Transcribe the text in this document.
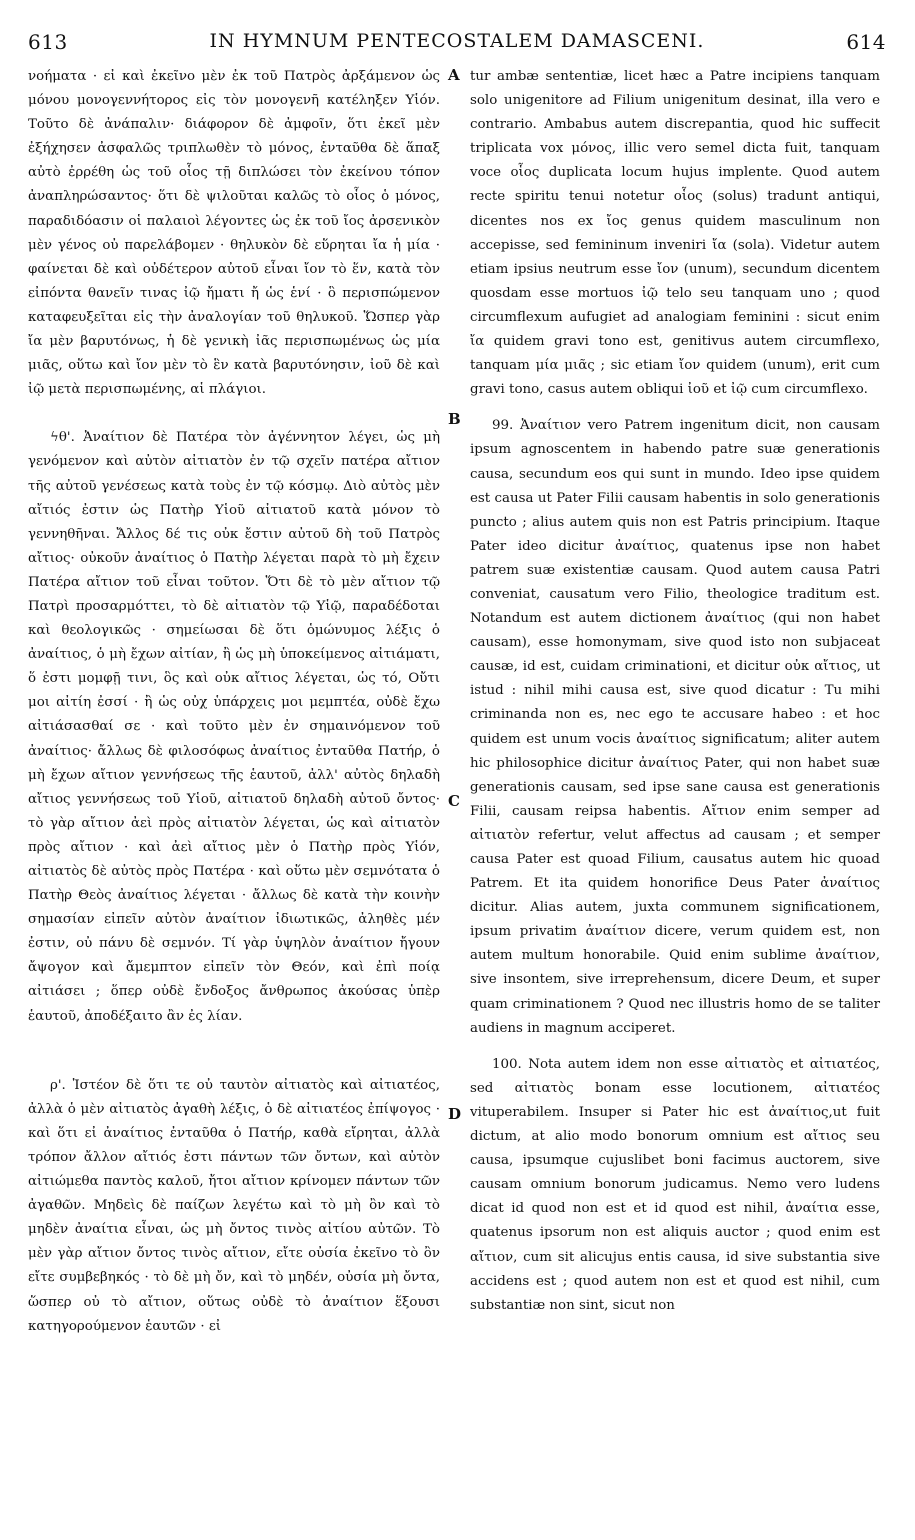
613	IN HYMNUM PENTECOSTALEM DAMASCENI.	614

νοήματα · εἰ καὶ ἐκεῖνο μὲν ἐκ τοῦ Πατρὸς ἀρξάμενον ὡς μόνου μονογεννήτορος εἰς τὸν μονογενῆ κατέληξεν Υἱόν. Τοῦτο δὲ ἀνάπαλιν· διάφορον δὲ ἀμφοῖν, ὅτι ἐκεῖ μὲν ἐξήχησεν ἀσφαλῶς τριπλωθὲν τὸ μόνος, ἐνταῦθα δὲ ἅπαξ αὐτὸ ἐρρέθη ὡς τοῦ οἷος τῇ διπλώσει τὸν ἐκείνου τόπον ἀναπληρώσαντος· ὅτι δὲ ψιλοῦται καλῶς τὸ οἷος ὁ μόνος, παραδιδόασιν οἱ παλαιοὶ λέγοντες ὡς ἐκ τοῦ ἴος ἀρσενικὸν μὲν γένος οὐ παρελάβομεν · θηλυκὸν δὲ εὕρηται ἴα ἡ μία · φαίνεται δὲ καὶ οὐδέτερον αὐτοῦ εἶναι ἴον τὸ ἕν, κατὰ τὸν εἰπόντα θανεῖν τινας ἰῷ ἤματι ἤ ὡς ἑνί · ὃ περισπώμενον καταφευξεῖται εἰς τὴν ἀναλογίαν τοῦ θηλυκοῦ. Ὥσπερ γὰρ ἴα μὲν βαρυτόνως, ἡ δὲ γενικὴ ἰᾶς περισπωμένως ὡς μία μιᾶς, οὕτω καὶ ἴον μὲν τὸ ἓν κατὰ βαρυτόνησιν, ἰοῦ δὲ καὶ ἰῷ μετὰ περισπωμένης, αἱ πλάγιοι.

ϟθ'. Ἀναίτιον δὲ Πατέρα τὸν ἀγέννητον λέγει, ὡς μὴ γενόμενον καὶ αὐτὸν αἰτιατὸν ἐν τῷ σχεῖν πατέρα αἴτιον τῆς αὐτοῦ γενέσεως κατὰ τοὺς ἐν τῷ κόσμῳ. Διὸ αὐτὸς μὲν αἴτιός ἐστιν ὡς Πατὴρ Υἱοῦ αἰτιατοῦ κατὰ μόνον τὸ γεννηθῆναι. Ἄλλος δέ τις οὐκ ἔστιν αὐτοῦ δὴ τοῦ Πατρὸς αἴτιος· οὐκοῦν ἀναίτιος ὁ Πατὴρ λέγεται παρὰ τὸ μὴ ἔχειν Πατέρα αἴτιον τοῦ εἶναι τοῦτον. Ὅτι δὲ τὸ μὲν αἴτιον τῷ Πατρὶ προσαρμόττει, τὸ δὲ αἰτιατὸν τῷ Υἱῷ, παραδέδοται καὶ θεολογικῶς · σημείωσαι δὲ ὅτι ὁμώνυμος λέξις ὁ ἀναίτιος, ὁ μὴ ἔχων αἰτίαν, ἢ ὡς μὴ ὑποκείμενος αἰτιάματι, ὅ ἐστι μομφῇ τινι, ὃς καὶ οὐκ αἴτιος λέγεται, ὡς τό, Οὔτι μοι αἰτίη ἐσσί · ἢ ὡς οὐχ ὑπάρχεις μοι μεμπτέα, οὐδὲ ἔχω αἰτιάσασθαί σε · καὶ τοῦτο μὲν ἐν σημαινόμενον τοῦ ἀναίτιος· ἄλλως δὲ φιλοσόφως ἀναίτιος ἐνταῦθα Πατήρ, ὁ μὴ ἔχων αἴτιον γεννήσεως τῆς ἑαυτοῦ, ἀλλ' αὐτὸς δηλαδὴ αἴτιος γεννήσεως τοῦ Υἱοῦ, αἰτιατοῦ δηλαδὴ αὐτοῦ ὄντος· τὸ γὰρ αἴτιον ἀεὶ πρὸς αἰτιατὸν λέγεται, ὡς καὶ αἰτιατὸν πρὸς αἴτιον · καὶ ἀεὶ αἴτιος μὲν ὁ Πατὴρ πρὸς Υἱόν, αἰτιατὸς δὲ αὐτὸς πρὸς Πατέρα · καὶ οὕτω μὲν σεμνότατα ὁ Πατὴρ Θεὸς ἀναίτιος λέγεται · ἄλλως δὲ κατὰ τὴν κοινὴν σημασίαν εἰπεῖν αὐτὸν ἀναίτιον ἰδιωτικῶς, ἀληθὲς μέν ἐστιν, οὐ πάνυ δὲ σεμνόν. Τί γὰρ ὑψηλὸν ἀναίτιον ἤγουν ἄψογον καὶ ἄμεμπτον εἰπεῖν τὸν Θεόν, καὶ ἐπὶ ποίᾳ αἰτιάσει ; ὅπερ οὐδὲ ἔνδοξος ἄνθρωπος ἀκούσας ὑπὲρ ἑαυτοῦ, ἀποδέξαιτο ἂν ἐς λίαν.

ρ'. Ἰστέον δὲ ὅτι τε οὐ ταυτὸν αἰτιατὸς καὶ αἰτιατέος, ἀλλὰ ὁ μὲν αἰτιατὸς ἀγαθὴ λέξις, ὁ δὲ αἰτιατέος ἐπίψογος · καὶ ὅτι εἰ ἀναίτιος ἐνταῦθα ὁ Πατήρ, καθὰ εἴρηται, ἀλλὰ τρόπον ἄλλον αἴτιός ἐστι πάντων τῶν ὄντων, καὶ αὐτὸν αἰτιώμεθα παντὸς καλοῦ, ἤτοι αἴτιον κρίνομεν πάντων τῶν ἀγαθῶν. Μηδεὶς δὲ παίζων λεγέτω καὶ τὸ μὴ ὂν καὶ τὸ μηδὲν ἀναίτια εἶναι, ὡς μὴ ὄντος τινὸς αἰτίου αὐτῶν. Τὸ μὲν γὰρ αἴτιον ὄντος τινὸς αἴτιον, εἴτε οὐσία ἐκεῖνο τὸ ὂν εἴτε συμβεβηκός · τὸ δὲ μὴ ὄν, καὶ τὸ μηδέν, οὐσία μὴ ὄντα, ὥσπερ οὐ τὸ αἴτιον, οὕτως οὐδὲ τὸ ἀναίτιον ἕξουσι κατηγορούμενον ἑαυτῶν · εἰ

tur ambæ sententiæ, licet hæc a Patre incipiens tanquam solo unigenitore ad Filium unigenitum desinat, illa vero e contrario. Ambabus autem discrepantia, quod hic suffecit triplicata vox μόνος, illic vero semel dicta fuit, tanquam voce οἷος duplicata locum hujus implente. Quod autem recte spiritu tenui notetur οἷος (solus) tradunt antiqui, dicentes nos ex ἴος genus quidem masculinum non accepisse, sed femininum inveniri ἴα (sola). Videtur autem etiam ipsius neutrum esse ἴον (unum), secundum dicentem quosdam esse mortuos ἰῷ telo seu tanquam uno ; quod circumflexum aufugiet ad analogiam feminini : sicut enim ἴα quidem gravi tono est, genitivus autem circumflexo, tanquam μία μιᾶς ; sic etiam ἴον quidem (unum), erit cum gravi tono, casus autem obliqui ἰοῦ et ἰῷ cum circumflexo.

99. Ἀναίτιον vero Patrem ingenitum dicit, non causam ipsum agnoscentem in habendo patre suæ generationis causa, secundum eos qui sunt in mundo. Ideo ipse quidem est causa ut Pater Filii causam habentis in solo generationis puncto ; alius autem quis non est Patris principium. Itaque Pater ideo dicitur ἀναίτιος, quatenus ipse non habet patrem suæ existentiæ causam. Quod autem causa Patri conveniat, causatum vero Filio, theologice traditum est. Notandum est autem dictionem ἀναίτιος (qui non habet causam), esse homonymam, sive quod isto non subjaceat causæ, id est, cuidam criminationi, et dicitur οὐκ αἴτιος, ut istud : nihil mihi causa est, sive quod dicatur : Tu mihi criminanda non es, nec ego te accusare habeo : et hoc quidem est unum vocis ἀναίτιος significatum; aliter autem hic philosophice dicitur ἀναίτιος Pater, qui non habet suæ generationis causam, sed ipse sane causa est generationis Filii, causam reipsa habentis. Αἴτιον enim semper ad αἰτιατὸν refertur, velut affectus ad causam ; et semper causa Pater est quoad Filium, causatus autem hic quoad Patrem. Et ita quidem honorifice Deus Pater ἀναίτιος dicitur. Alias autem, juxta communem significationem, ipsum privatim ἀναίτιον dicere, verum quidem est, non autem multum honorabile. Quid enim sublime ἀναίτιον, sive insontem, sive irreprehensum, dicere Deum, et super quam criminationem ? Quod nec illustris homo de se taliter audiens in magnum acciperet.

100. Nota autem idem non esse αἰτιατὸς et αἰτιατέος, sed αἰτιατὸς bonam esse locutionem, αἰτιατέος vituperabilem. Insuper si Pater hic est ἀναίτιος,ut fuit dictum, at alio modo bonorum omnium est αἴτιος seu causa, ipsumque cujuslibet boni facimus auctorem, sive causam omnium bonorum judicamus. Nemo vero ludens dicat id quod non est et id quod est nihil, ἀναίτια esse, quatenus ipsorum non est aliquis auctor ; quod enim est αἴτιον, cum sit alicujus entis causa, id sive substantia sive accidens est ; quod autem non est et quod est nihil, cum substantiæ non sint, sicut non

A
B
C
D
